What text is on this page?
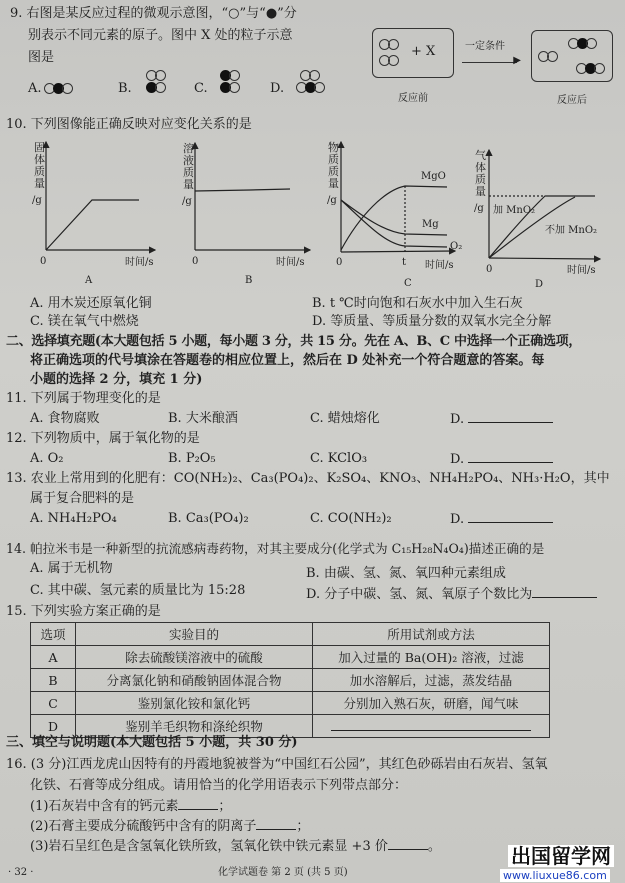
9. 右图是某反应过程的微观示意图，“○”与“●”分
别表示不同元素的原子。图中 X 处的粒子示意
图是
A.	B.	C.	D.

+ X	一定条件
▶
反应前	反应后
10. 下列图像能正确反映对应变化关系的是
固体质量
/g
0	时间/s
A
溶液质量
/g
0	时间/s
B
物质质量
/g
0	t 时间/s
MgO
Mg
O₂
C
气体质量
/g 加 MnO₂
不加 MnO₂
0	时间/s
D
A. 用木炭还原氧化铜	B. t ℃时向饱和石灰水中加入生石灰
C. 镁在氧气中燃烧	D. 等质量、等质量分数的双氧水完全分解
二、选择填充题(本大题包括 5 小题，每小题 3 分，共 15 分。先在 A、B、C 中选择一个正确选项，
将正确选项的代号填涂在答题卷的相应位置上，然后在 D 处补充一个符合题意的答案。每
小题的选择 2 分，填充 1 分)
11. 下列属于物理变化的是
A. 食物腐败	B. 大米酿酒	C. 蜡烛熔化	D.
12. 下列物质中，属于氧化物的是
A. O₂	B. P₂O₅	C. KClO₃	D.
13. 农业上常用到的化肥有：CO(NH₂)₂、Ca₃(PO₄)₂、K₂SO₄、KNO₃、NH₄H₂PO₄、NH₃·H₂O，其中
属于复合肥料的是
A. NH₄H₂PO₄	B. Ca₃(PO₄)₂	C. CO(NH₂)₂	D.
14. 帕拉米韦是一种新型的抗流感病毒药物，对其主要成分(化学式为 C₁₅H₂₈N₄O₄)描述正确的是
A. 属于无机物	B. 由碳、氢、氮、氧四种元素组成
C. 其中碳、氢元素的质量比为 15:28	D. 分子中碳、氢、氮、氧原子个数比为
15. 下列实验方案正确的是
选项	实验目的	所用试剂或方法
A	除去硫酸镁溶液中的硫酸	加入过量的 Ba(OH)₂ 溶液，过滤
B	分离氯化钠和硝酸钠固体混合物	加水溶解后，过滤，蒸发结晶
C	鉴别氯化铵和氯化钙	分别加入熟石灰，研磨，闻气味
D	鉴别羊毛织物和涤纶织物	
三、填空与说明题(本大题包括 5 小题，共 30 分)
16. (3 分)江西龙虎山因特有的丹霞地貌被誉为“中国红石公园”，其红色砂砾岩由石灰岩、氢氧
化铁、石膏等成分组成。请用恰当的化学用语表示下列带点部分：
(1)石灰岩中含有的钙元素	；
(2)石膏主要成分硫酸钙中含有的阴离子	；
(3)岩石呈红色是含氢氧化铁所致，氢氧化铁中铁元素显 +3 价	。
· 32 ·	化学试题卷 第 2 页 (共 5 页)
出国留学网
www.liuxue86.com
